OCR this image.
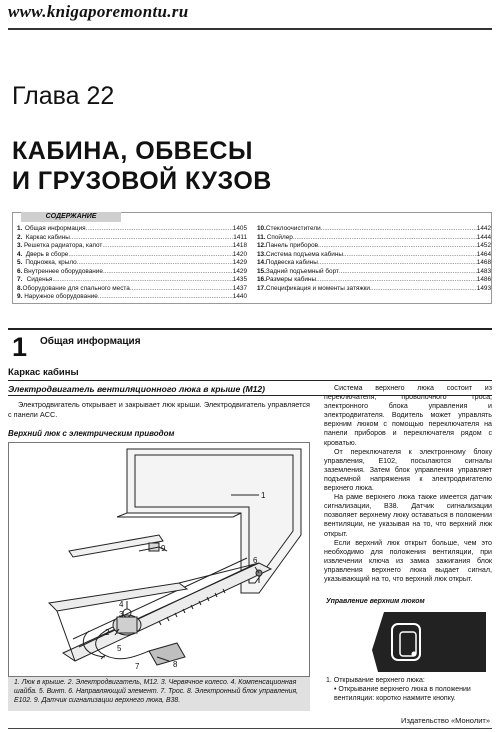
www.knigaporemontu.ru
Глава 22
КАБИНА, ОБВЕСЫ
И ГРУЗОВОЙ КУЗОВ
СОДЕРЖАНИЕ
1. Общая информация .....	1405
2. Каркас кабины .....	1411
3. Решетка радиатора, капот .....	1418
4. Дверь в сборе .....	1420
5. Подножка, крыло .....	1429
6. Внутреннее оборудование .....	1429
7. Сиденья .....	1435
8. Оборудование для спального места .....	1437
9. Наружное оборудование .....	1440
10. Стеклоочистители .....	1442
11. Спойлер .....	1444
12. Панель приборов .....	1452
13. Система подъема кабины .....	1464
14. Подвеска кабины .....	1468
15. Задний подъемный борт .....	1483
16. Размеры кабины .....	1486
17. Спецификация и моменты затяжки .....	1493
1 Общая информация
Каркас кабины
Электродвигатель вентиляционного люка в крыше (M12)
Электродвигатель открывает и закрывает люк крыши. Электродвигатель управляется с панели ACC.
Верхний люк с электрическим приводом
1
9
6
4
3
2
5
7	8
1. Люк в крыше. 2. Электродвигатель, M12. 3. Червячное колесо. 4. Компенсационная шайба. 5. Винт. 6. Направляющий элемент. 7. Трос. 8. Электронный блок управления, E102. 9. Датчик сигнализации верхнего люка, B38.

Система верхнего люка состоит из переключателя, проволочного троса, электронного блока управления и электродвигателя. Водитель может управлять верхним люком с помощью переключателя на панели приборов и переключателя рядом с кроватью.

От переключателя к электронному блоку управления, E102, посылаются сигналы заземления. Затем блок управления управляет подъемной напряжения к электродвигателю верхнего люка.

На раме верхнего люка также имеется датчик сигнализации, B38. Датчик сигнализации позволяет верхнему люку оставаться в положении вентиляции, не указывая на то, что верхний люк открыт.

Если верхний люк открыт больше, чем это необходимо для положения вентиляции, при извлечении ключа из замка зажигания блок управления верхнего люка выдает сигнал, указывающий на то, что верхний люк открыт.

Управление верхним люком
1. Открывание верхнего люка:
• Открывание верхнего люка в положении вентиляции: коротко нажмите кнопку.
Издательство «Монолит»
